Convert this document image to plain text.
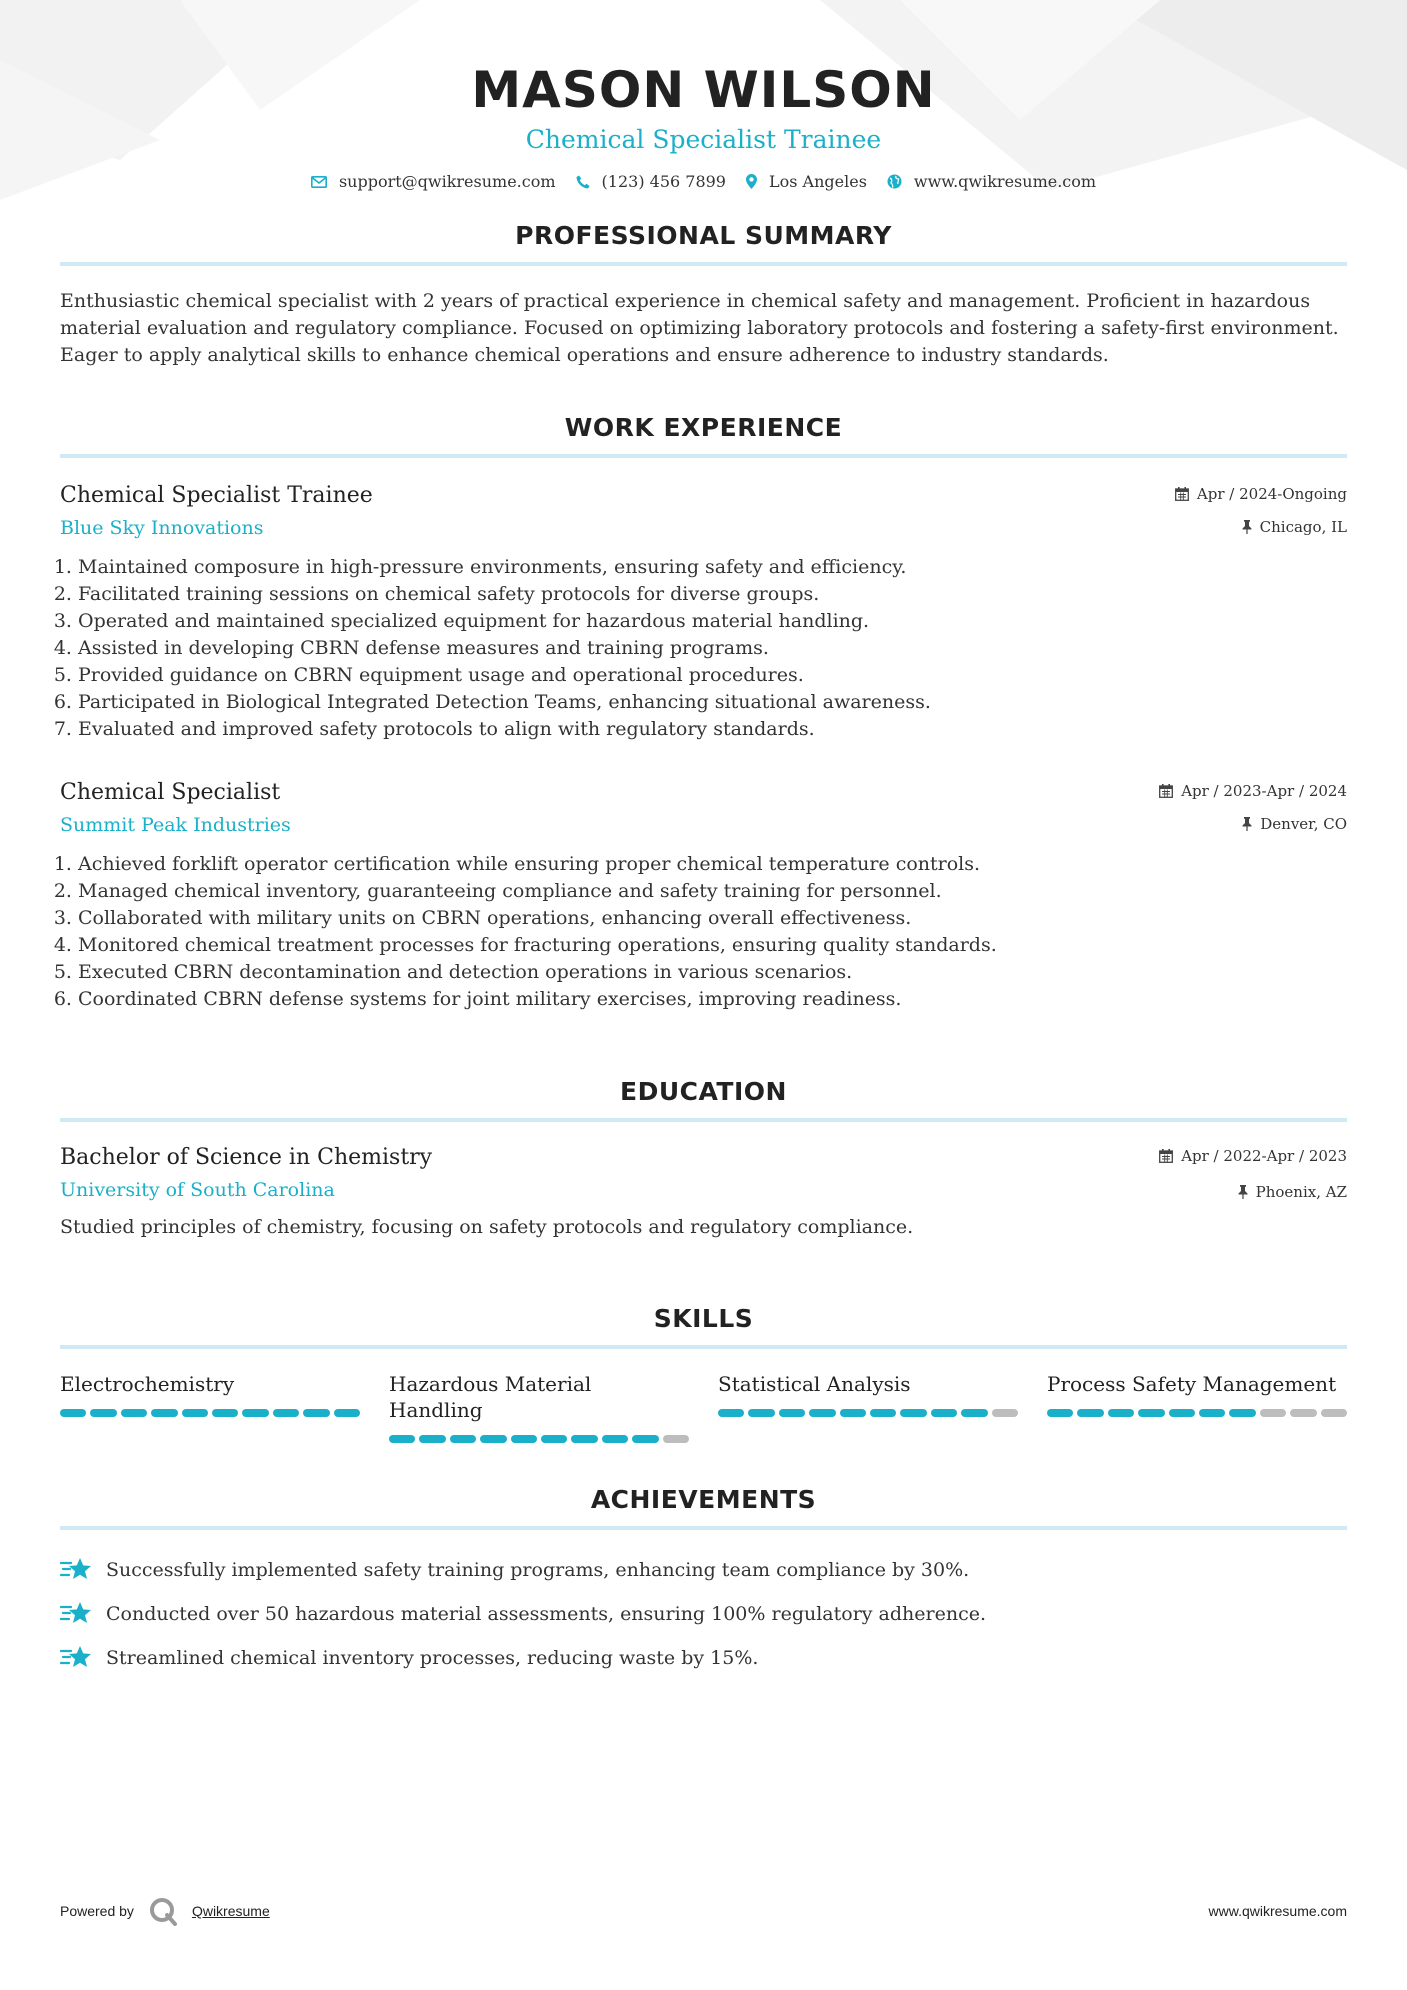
MASON WILSON
Chemical Specialist Trainee
support@qwikresume.com	(123) 456 7899	Los Angeles	www.qwikresume.com
PROFESSIONAL SUMMARY

Enthusiastic chemical specialist with 2 years of practical experience in chemical safety and management. Proficient in hazardous material evaluation and regulatory compliance. Focused on optimizing laboratory protocols and fostering a safety-first environment. Eager to apply analytical skills to enhance chemical operations and ensure adherence to industry standards.

WORK EXPERIENCE
Chemical Specialist Trainee
Blue Sky Innovations
Apr / 2024-Ongoing
Chicago, IL
1. Maintained composure in high-pressure environments, ensuring safety and efficiency.
2. Facilitated training sessions on chemical safety protocols for diverse groups.
3. Operated and maintained specialized equipment for hazardous material handling.
4. Assisted in developing CBRN defense measures and training programs.
5. Provided guidance on CBRN equipment usage and operational procedures.
6. Participated in Biological Integrated Detection Teams, enhancing situational awareness.
7. Evaluated and improved safety protocols to align with regulatory standards.
Chemical Specialist
Summit Peak Industries
Apr / 2023-Apr / 2024
Denver, CO
1. Achieved forklift operator certification while ensuring proper chemical temperature controls.
2. Managed chemical inventory, guaranteeing compliance and safety training for personnel.
3. Collaborated with military units on CBRN operations, enhancing overall effectiveness.
4. Monitored chemical treatment processes for fracturing operations, ensuring quality standards.
5. Executed CBRN decontamination and detection operations in various scenarios.
6. Coordinated CBRN defense systems for joint military exercises, improving readiness.
EDUCATION
Bachelor of Science in Chemistry
University of South Carolina
Apr / 2022-Apr / 2023
Phoenix, AZ
Studied principles of chemistry, focusing on safety protocols and regulatory compliance.
SKILLS
Electrochemistry	Hazardous Material Handling
Statistical Analysis	Process Safety Management
ACHIEVEMENTS
Successfully implemented safety training programs, enhancing team compliance by 30%.
Conducted over 50 hazardous material assessments, ensuring 100% regulatory adherence.
Streamlined chemical inventory processes, reducing waste by 15%.
Powered by	Qwikresume	www.qwikresume.com
